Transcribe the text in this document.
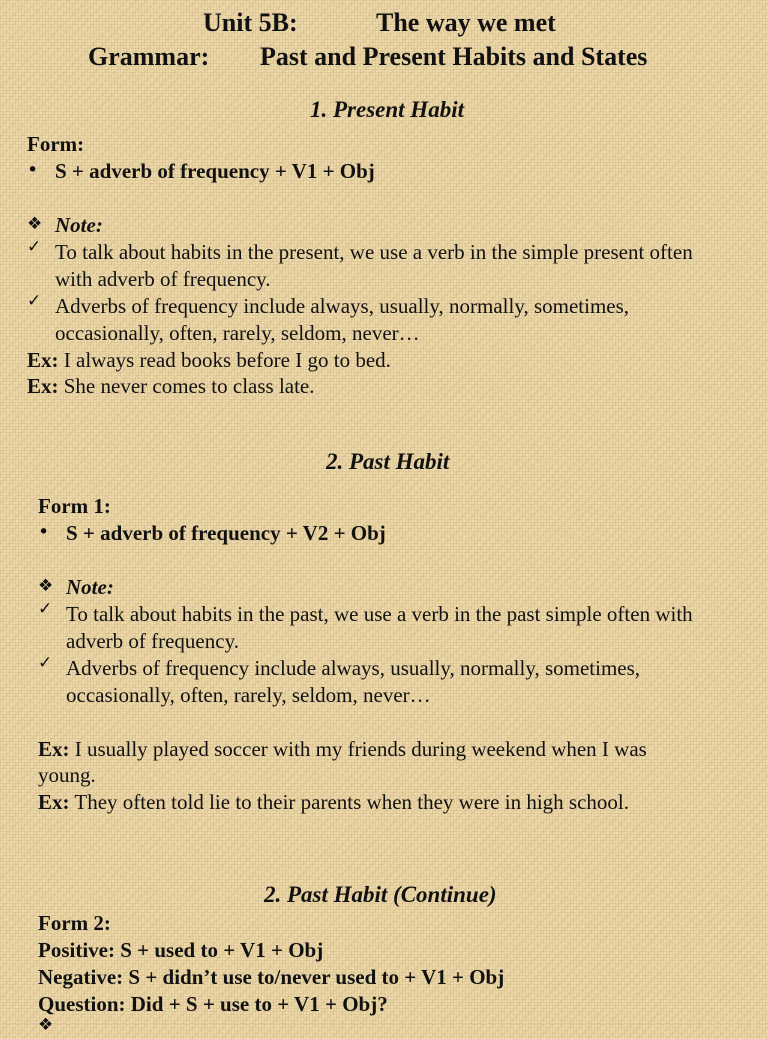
Unit 5B:	The way we met
Grammar: Past and Present Habits and States
1. Present Habit
Form:
• S + adverb of frequency + V1 + Obj
❖ Note:
✓ To talk about habits in the present, we use a verb in the simple present often
with adverb of frequency.
✓ Adverbs of frequency include always, usually, normally, sometimes,
occasionally, often, rarely, seldom, never…
Ex: I always read books before I go to bed.
Ex: She never comes to class late.
2. Past Habit
Form 1:
• S + adverb of frequency + V2 + Obj
❖ Note:
✓ To talk about habits in the past, we use a verb in the past simple often with
adverb of frequency.
✓ Adverbs of frequency include always, usually, normally, sometimes,
occasionally, often, rarely, seldom, never…
Ex: I usually played soccer with my friends during weekend when I was
young.
Ex: They often told lie to their parents when they were in high school.
2. Past Habit (Continue)
Form 2:
Positive: S + used to + V1 + Obj
Negative: S + didn’t use to/never used to + V1 + Obj
Question: Did + S + use to + V1 + Obj?
❖
